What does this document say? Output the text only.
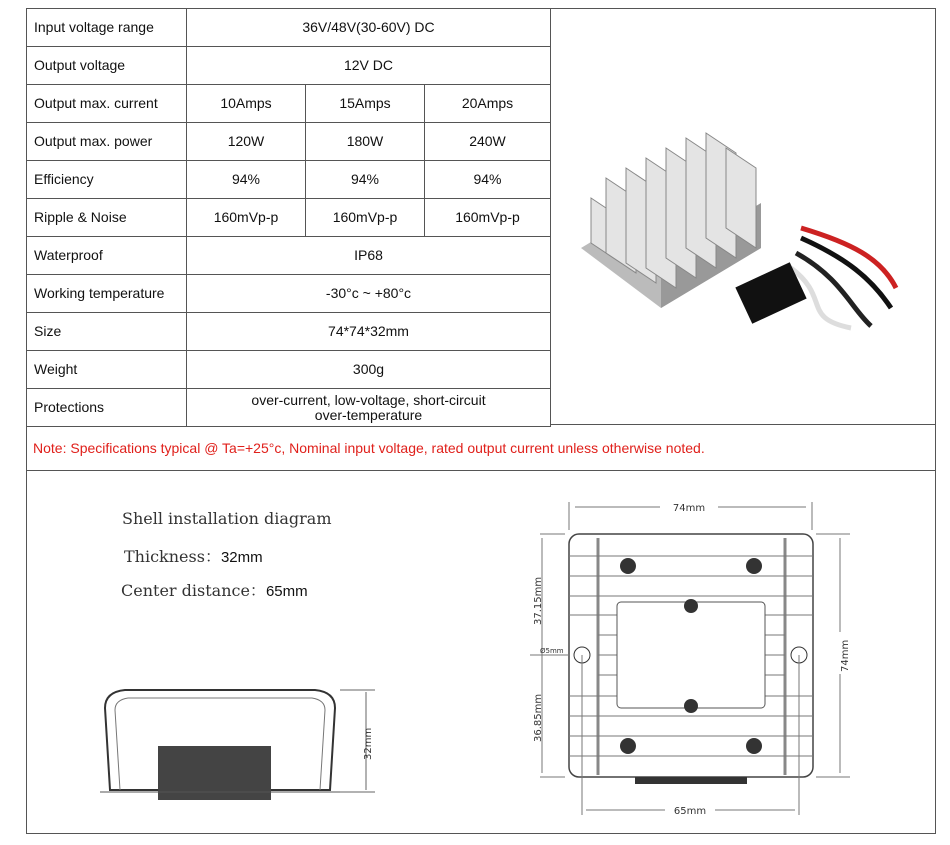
Input voltage range	36V/48V(30-60V) DC		
Output voltage	12V DC		
Output max. current	10Amps	15Amps	20Amps
Output max. power	120W	180W	240W
Efficiency	94%	94%	94%
Ripple & Noise	160mVp-p	160mVp-p	160mVp-p
Waterproof	IP68		
Working temperature	-30°c ~ +80°c		
Size	74*74*32mm		
Weight	300g		
Protections	over-current, low-voltage, short-circuit
over-temperature		
Note: Specifications typical @ Ta=+25°c, Nominal input voltage, rated output current unless otherwise noted.
Shell installation diagram
Thickness：32mm
Center distance：65mm
32mm
74mm
65mm
37.15mm
36.85mm
Ø5mm	74mm
